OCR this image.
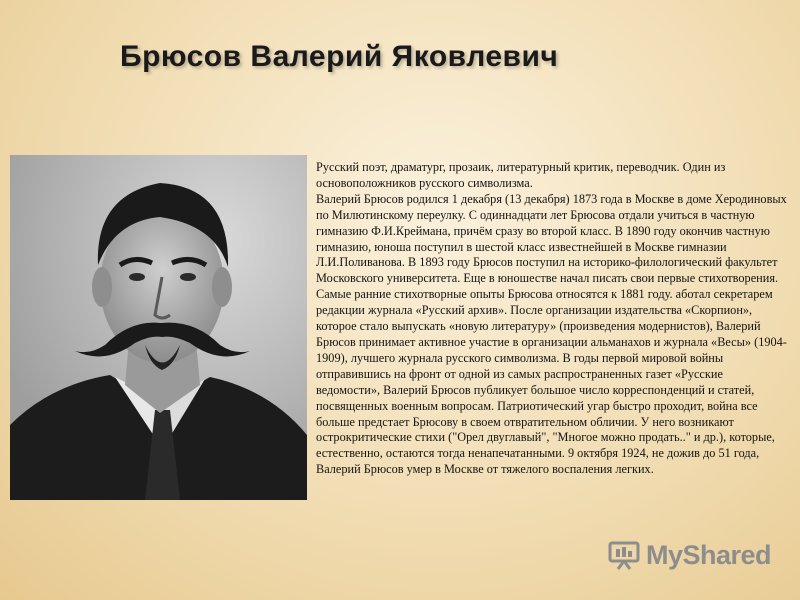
Брюсов Валерий Яковлевич

Русский поэт, драматург, прозаик, литературный критик, переводчик. Один из основоположников русского символизма.

Валерий Брюсов родился 1 декабря (13 декабря) 1873 года в Москве в доме Херодиновых по Милютинскому переулку. С одиннадцати лет Брюсова отдали учиться в частную гимназию Ф.И.Креймана, причём сразу во второй класс. В 1890 году окончив частную гимназию, юноша поступил в шестой класс известнейшей в Москве гимназии Л.И.Поливанова. В 1893 году Брюсов поступил на историко-филологический факультет Московского университета. Еще в юношестве начал писать свои первые стихотворения. Самые ранние стихотворные опыты Брюсова относятся к 1881 году. аботал секретарем редакции журнала «Русский архив». После организации издательства «Скорпион», которое стало выпускать «новую литературу» (произведения модернистов), Валерий Брюсов принимает активное участие в организации альманахов и журнала «Весы» (1904-1909), лучшего журнала русского символизма. В годы первой мировой войны отправившись на фронт от одной из самых распространенных газет «Русские ведомости», Валерий Брюсов публикует большое число корреспонденций и статей, посвященных военным вопросам. Патриотический угар быстро проходит, война все больше предстает Брюсову в своем отвратительном обличии. У него возникают острокритические стихи ("Орел двуглавый", "Многое можно продать.." и др.), которые, естественно, остаются тогда ненапечатанными. 9 октября 1924, не дожив до 51 года, Валерий Брюсов умер в Москве от тяжелого воспаления легких.

MyShared
